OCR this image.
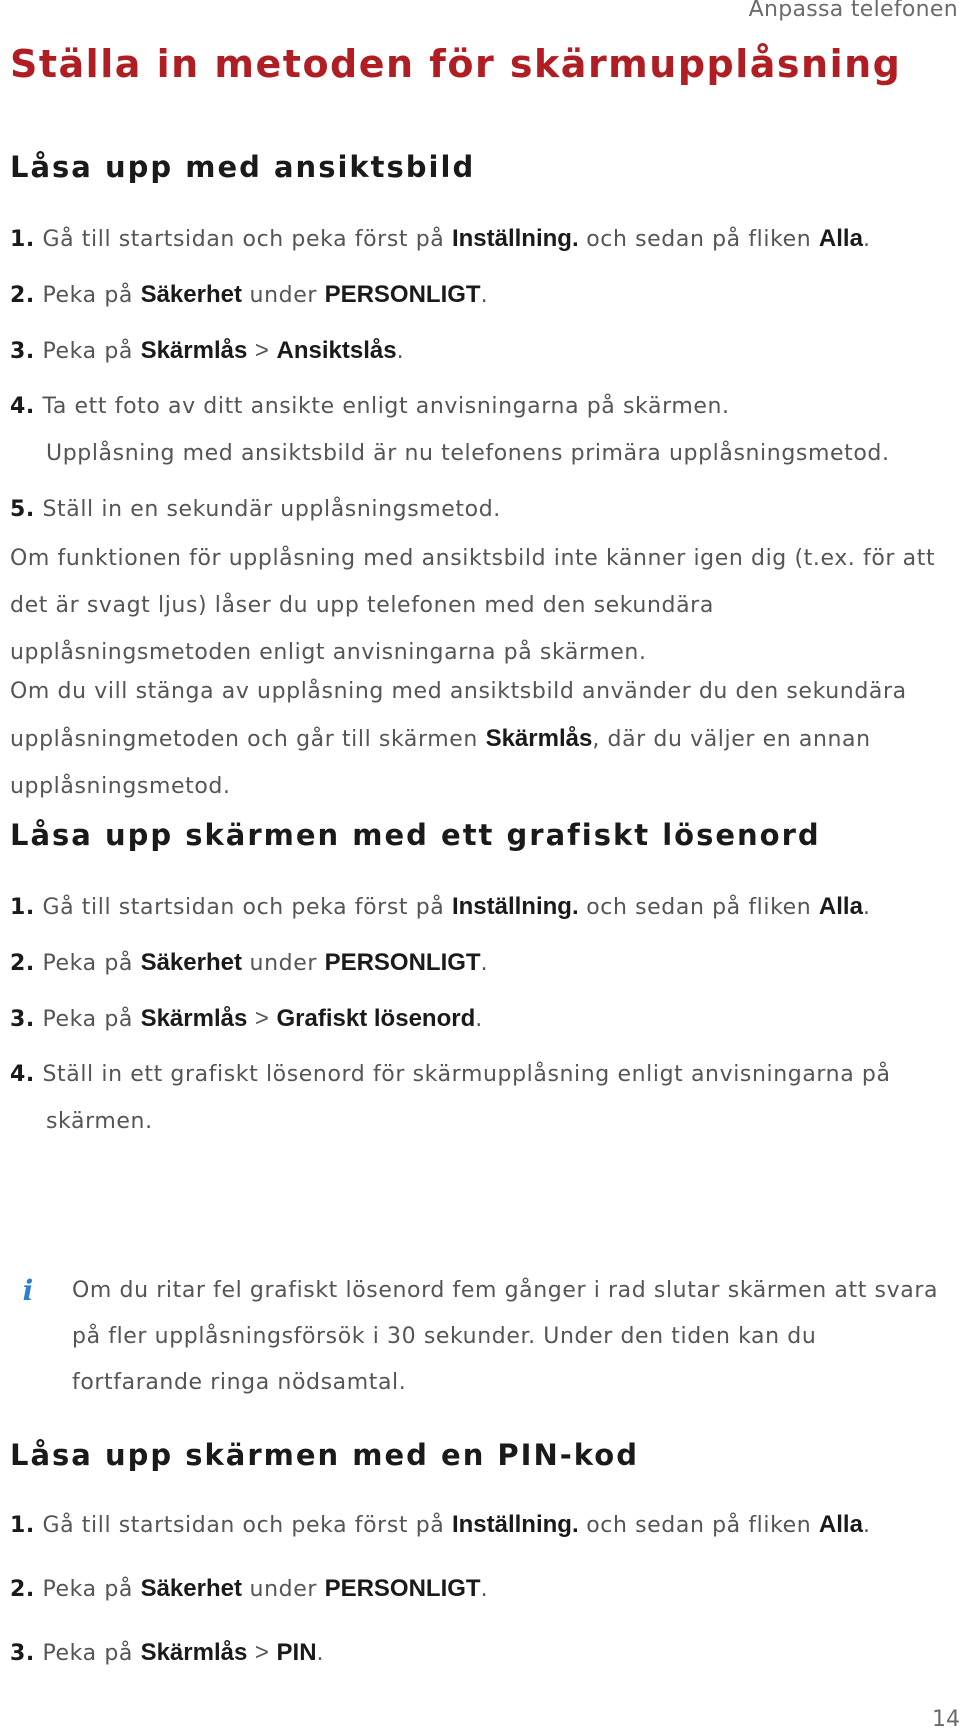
Anpassa telefonen
Ställa in metoden för skärmupplåsning
Låsa upp med ansiktsbild
1. Gå till startsidan och peka först på Inställning. och sedan på fliken Alla.
2. Peka på Säkerhet under PERSONLIGT.
3. Peka på Skärmlås > Ansiktslås.
4. Ta ett foto av ditt ansikte enligt anvisningarna på skärmen.
Upplåsning med ansiktsbild är nu telefonens primära upplåsningsmetod.
5. Ställ in en sekundär upplåsningsmetod.

Om funktionen för upplåsning med ansiktsbild inte känner igen dig (t.ex. för att det är svagt ljus) låser du upp telefonen med den sekundära upplåsningsmetoden enligt anvisningarna på skärmen.

Om du vill stänga av upplåsning med ansiktsbild använder du den sekundära upplåsningmetoden och går till skärmen Skärmlås, där du väljer en annan upplåsningsmetod.

Låsa upp skärmen med ett grafiskt lösenord
1. Gå till startsidan och peka först på Inställning. och sedan på fliken Alla.
2. Peka på Säkerhet under PERSONLIGT.
3. Peka på Skärmlås > Grafiskt lösenord.
4. Ställ in ett grafiskt lösenord för skärmupplåsning enligt anvisningarna på
skärmen.
i Om du ritar fel grafiskt lösenord fem gånger i rad slutar skärmen att svara på fler upplåsningsförsök i 30 sekunder. Under den tiden kan du fortfarande ringa nödsamtal.

Låsa upp skärmen med en PIN-kod
1. Gå till startsidan och peka först på Inställning. och sedan på fliken Alla.
2. Peka på Säkerhet under PERSONLIGT.
3. Peka på Skärmlås > PIN.
14
